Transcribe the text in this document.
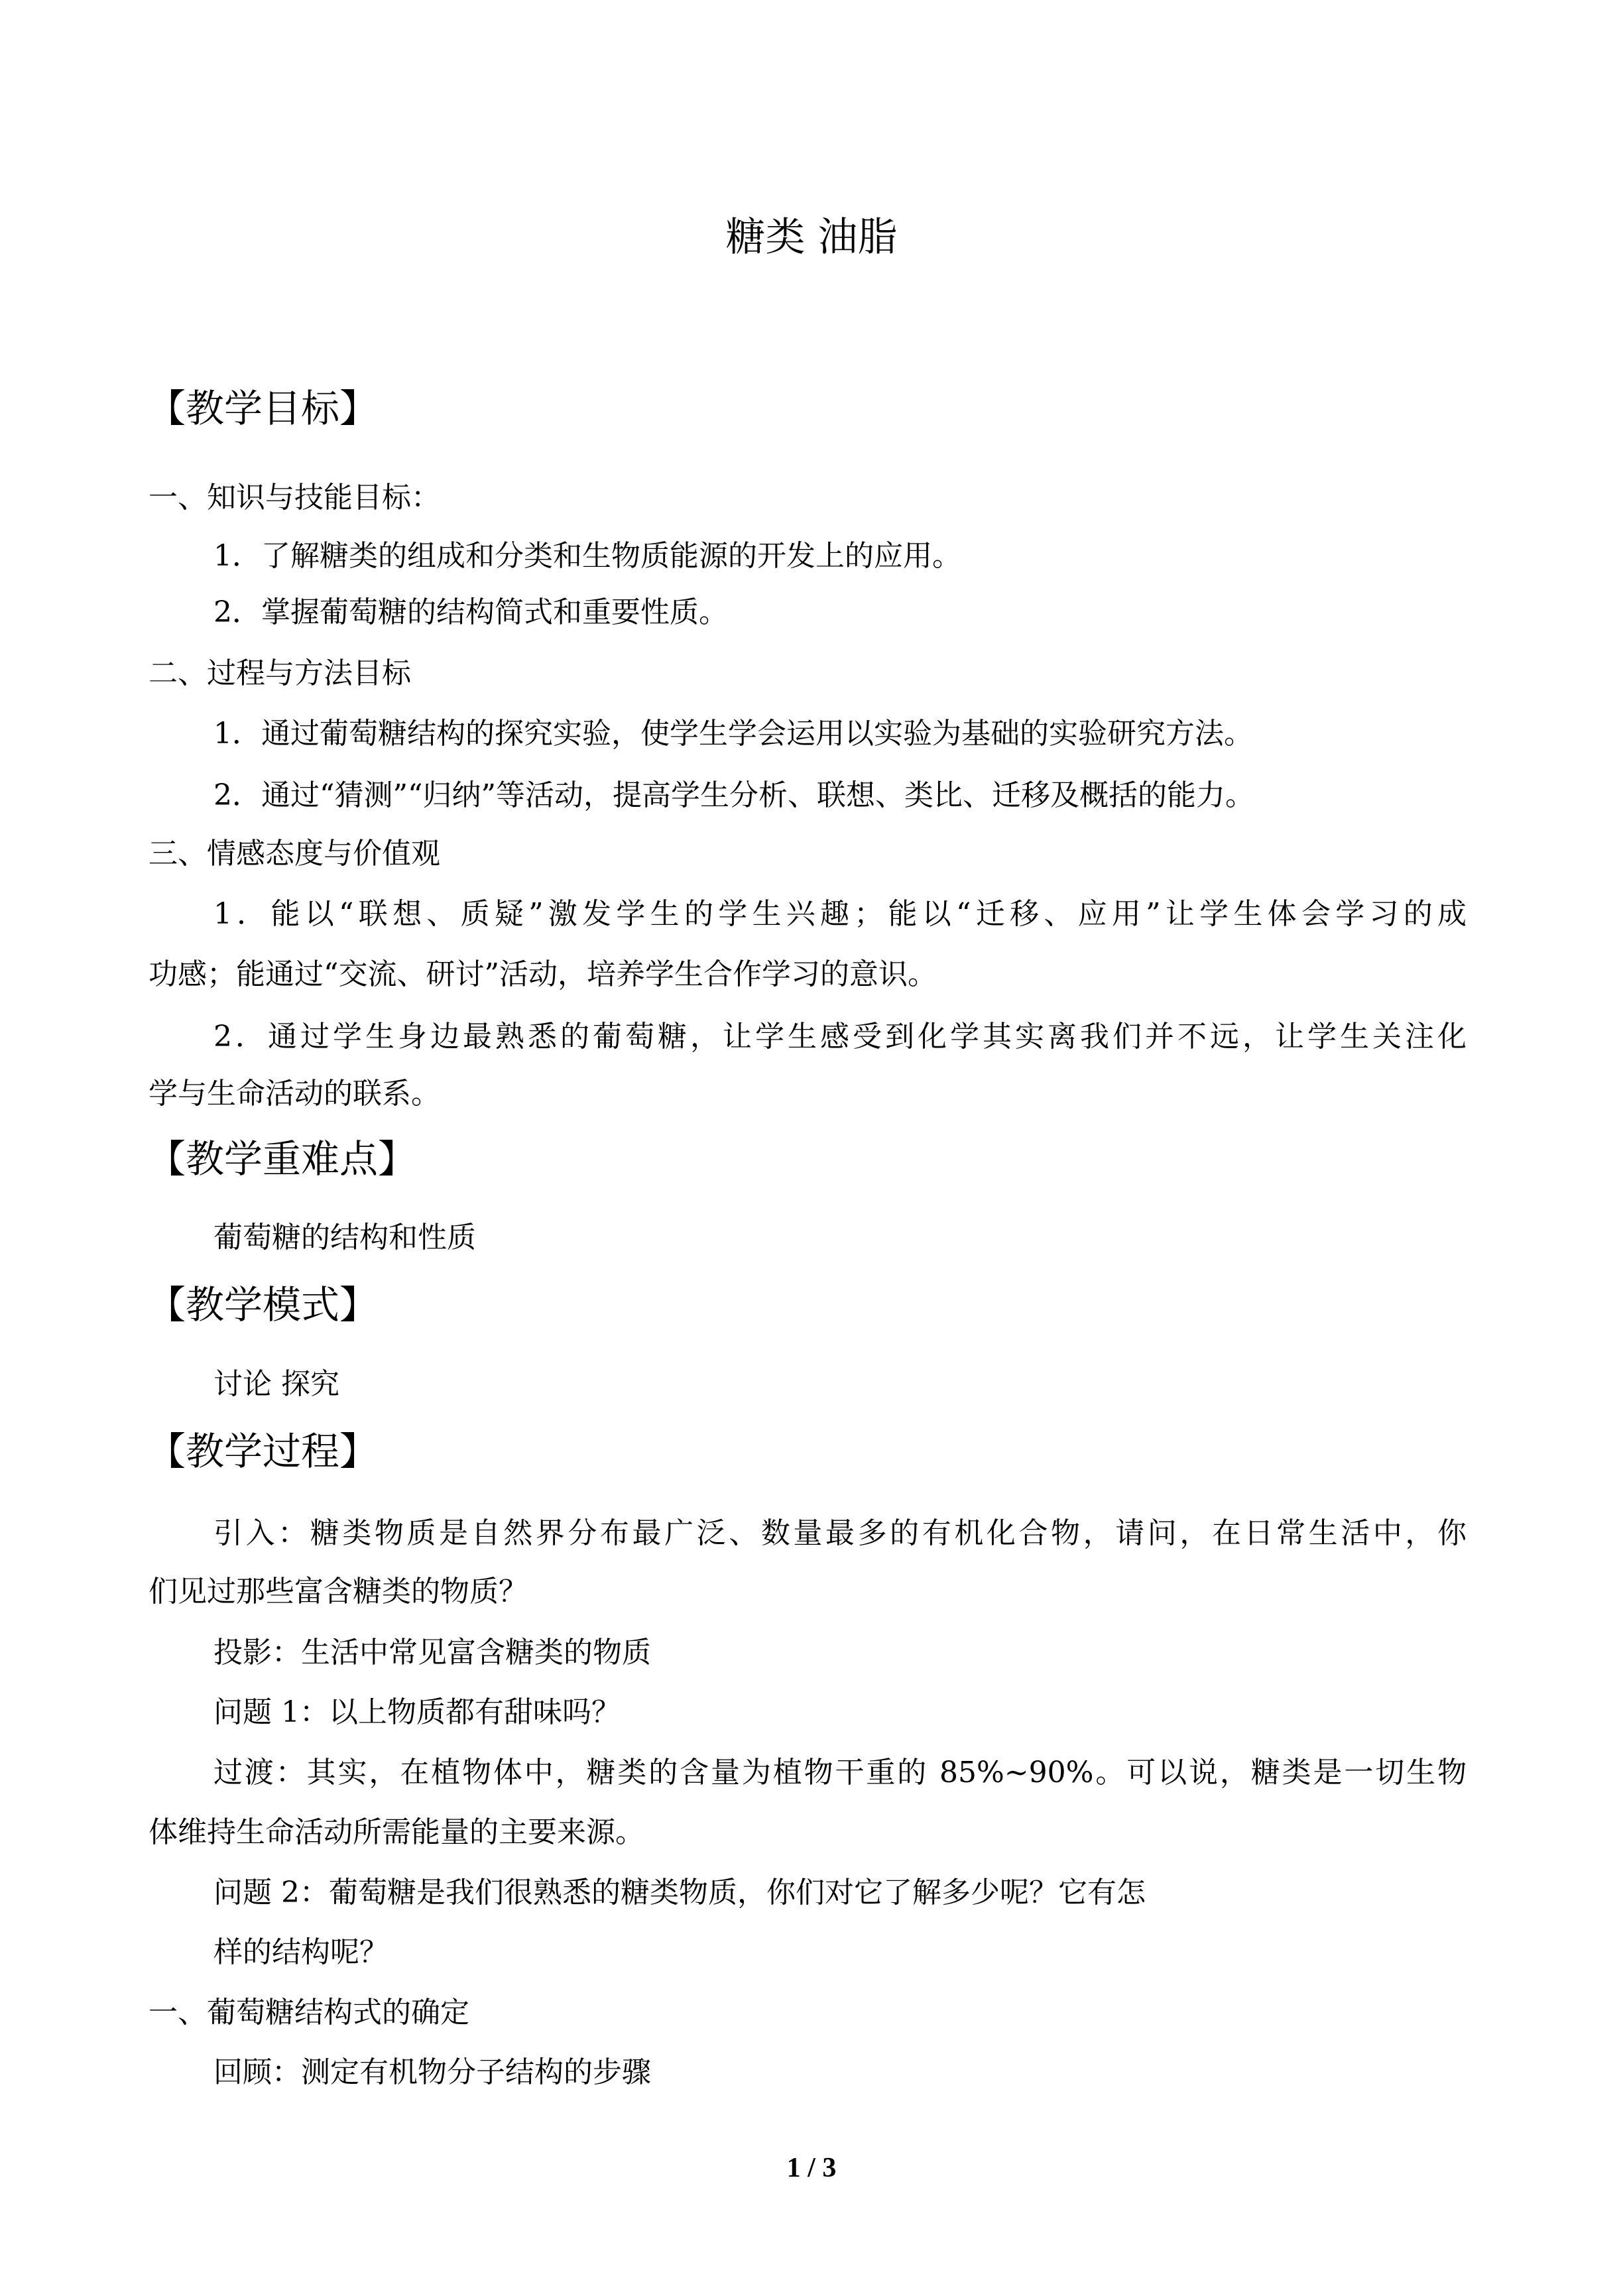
糖类 油脂
【教学目标】
一、知识与技能目标：
1．了解糖类的组成和分类和生物质能源的开发上的应用。
2．掌握葡萄糖的结构简式和重要性质。
二、过程与方法目标
1．通过葡萄糖结构的探究实验，使学生学会运用以实验为基础的实验研究方法。
2．通过“猜测”“归纳”等活动，提高学生分析、联想、类比、迁移及概括的能力。
三、情感态度与价值观
1．能以“联想、质疑”激发学生的学生兴趣；能以“迁移、应用”让学生体会学习的成
功感；能通过“交流、研讨”活动，培养学生合作学习的意识。
2．通过学生身边最熟悉的葡萄糖，让学生感受到化学其实离我们并不远，让学生关注化
学与生命活动的联系。
【教学重难点】
葡萄糖的结构和性质
【教学模式】
讨论 探究
【教学过程】
引入：糖类物质是自然界分布最广泛、数量最多的有机化合物，请问，在日常生活中，你
们见过那些富含糖类的物质？
投影：生活中常见富含糖类的物质
问题 1：以上物质都有甜味吗？
过渡：其实，在植物体中，糖类的含量为植物干重的 85%~90%。可以说，糖类是一切生物
体维持生命活动所需能量的主要来源。
问题 2：葡萄糖是我们很熟悉的糖类物质，你们对它了解多少呢？它有怎
样的结构呢？
一、葡萄糖结构式的确定
回顾：测定有机物分子结构的步骤
1 / 3
